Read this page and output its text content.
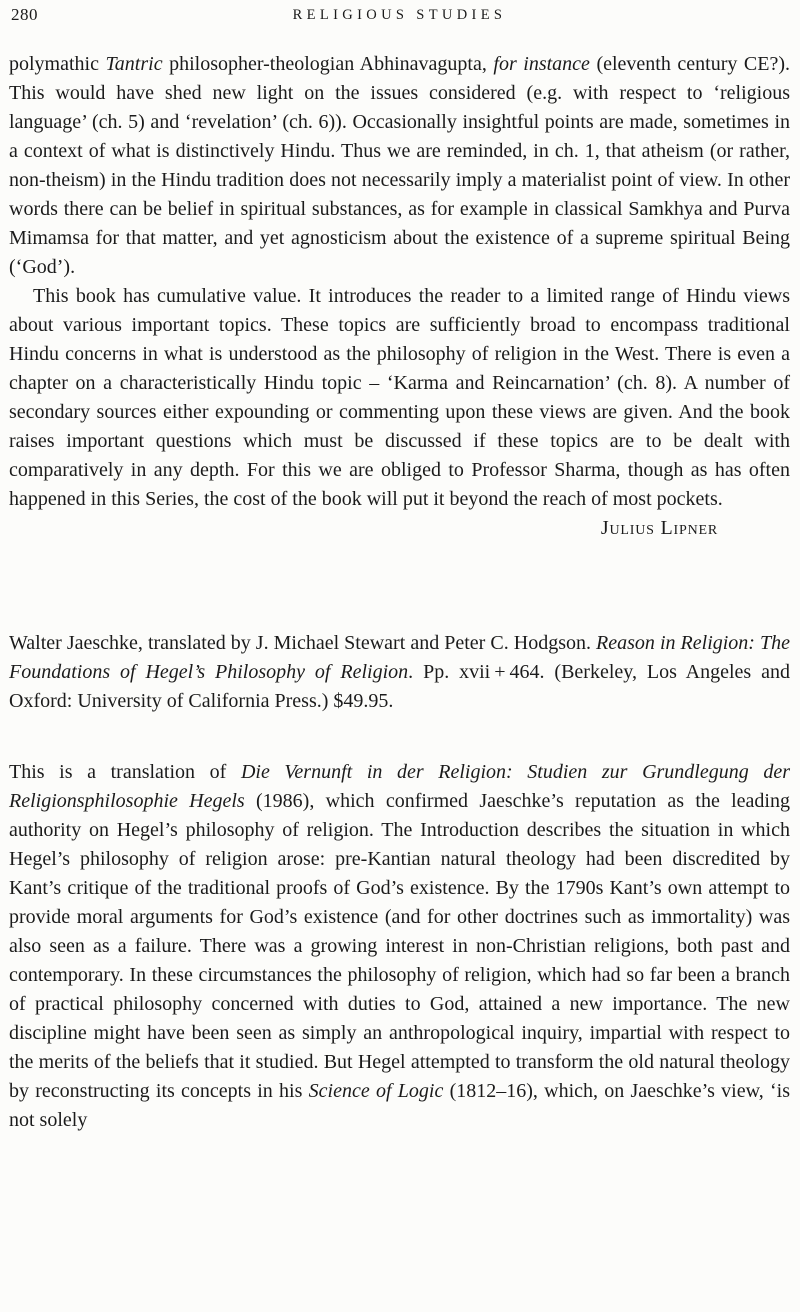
280	RELIGIOUS STUDIES

polymathic Tantric philosopher-theologian Abhinavagupta, for instance (eleventh century CE?). This would have shed new light on the issues considered (e.g. with respect to ‘religious language’ (ch. 5) and ‘revelation’ (ch. 6)). Occasionally insightful points are made, sometimes in a context of what is distinctively Hindu. Thus we are reminded, in ch. 1, that atheism (or rather, non-theism) in the Hindu tradition does not necessarily imply a materialist point of view. In other words there can be belief in spiritual substances, as for example in classical Samkhya and Purva Mimamsa for that matter, and yet agnosticism about the existence of a supreme spiritual Being (‘God’).

This book has cumulative value. It introduces the reader to a limited range of Hindu views about various important topics. These topics are sufficiently broad to encompass traditional Hindu concerns in what is understood as the philosophy of religion in the West. There is even a chapter on a characteristically Hindu topic – ‘Karma and Reincarnation’ (ch. 8). A number of secondary sources either expounding or commenting upon these views are given. And the book raises important questions which must be discussed if these topics are to be dealt with comparatively in any depth. For this we are obliged to Professor Sharma, though as has often happened in this Series, the cost of the book will put it beyond the reach of most pockets.

Julius Lipner

Walter Jaeschke, translated by J. Michael Stewart and Peter C. Hodgson. Reason in Religion: The Foundations of Hegel’s Philosophy of Religion. Pp. xvii + 464. (Berkeley, Los Angeles and Oxford: University of California Press.) $49.95.

This is a translation of Die Vernunft in der Religion: Studien zur Grundlegung der Religionsphilosophie Hegels (1986), which confirmed Jaeschke’s reputation as the leading authority on Hegel’s philosophy of religion. The Introduction describes the situation in which Hegel’s philosophy of religion arose: pre-Kantian natural theology had been discredited by Kant’s critique of the traditional proofs of God’s existence. By the 1790s Kant’s own attempt to provide moral arguments for God’s existence (and for other doctrines such as immortality) was also seen as a failure. There was a growing interest in non-Christian religions, both past and contemporary. In these circumstances the philosophy of religion, which had so far been a branch of practical philosophy concerned with duties to God, attained a new importance. The new discipline might have been seen as simply an anthropological inquiry, impartial with respect to the merits of the beliefs that it studied. But Hegel attempted to transform the old natural theology by reconstructing its concepts in his Science of Logic (1812–16), which, on Jaeschke’s view, ‘is not solely
